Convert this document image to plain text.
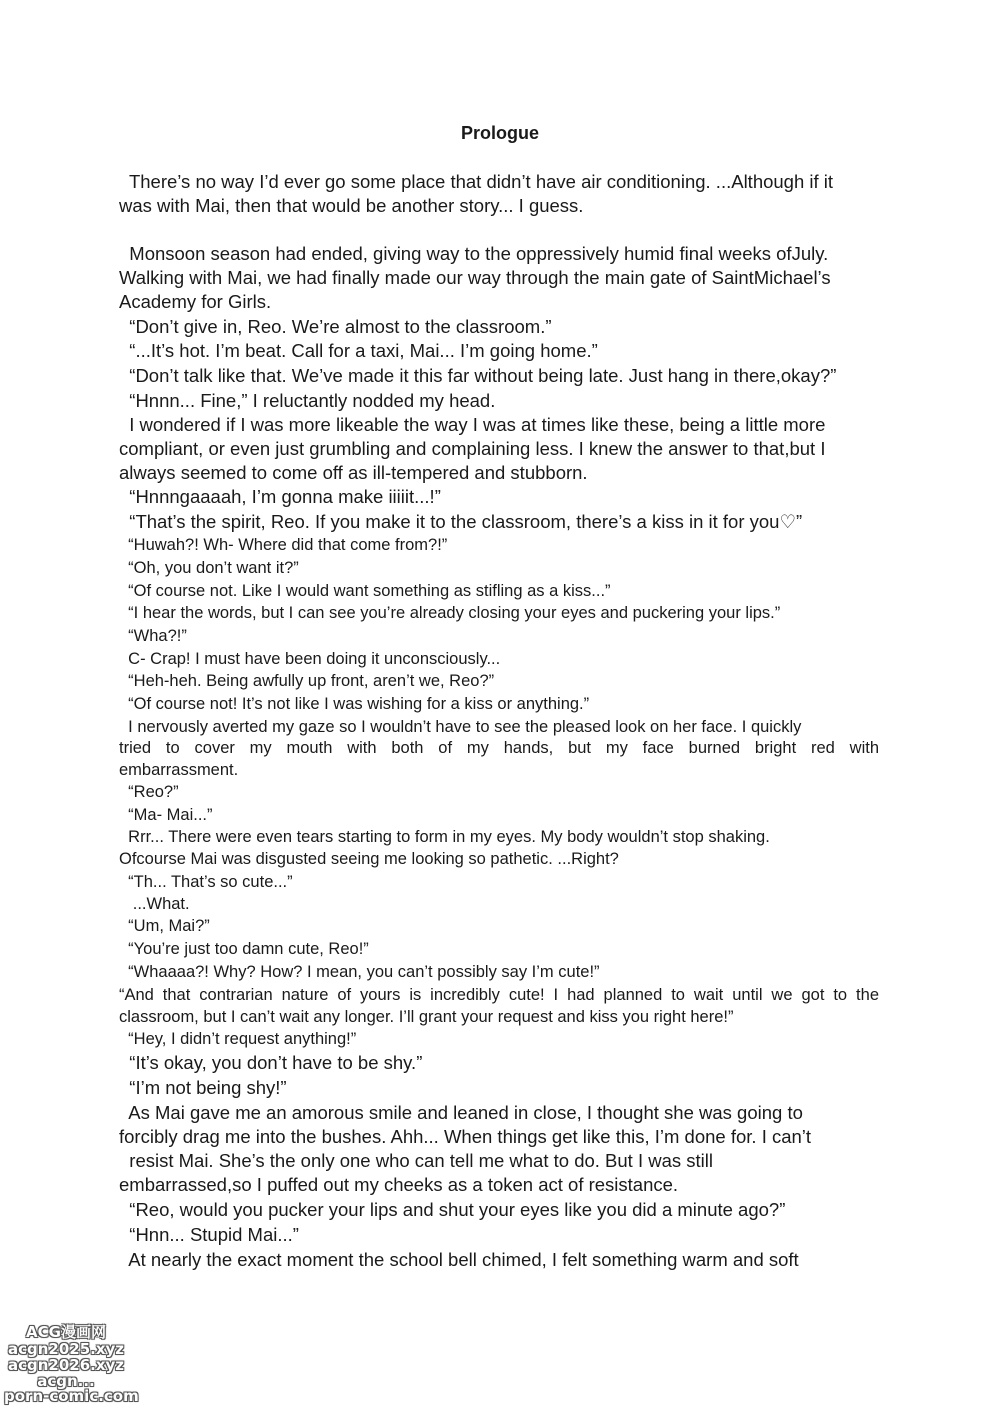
Prologue
There’s no way I’d ever go some place that didn’t have air conditioning. ...Although if it
was with Mai, then that would be another story... I guess.
Monsoon season had ended, giving way to the oppressively humid final weeks ofJuly.
Walking with Mai, we had finally made our way through the main gate of SaintMichael’s
Academy for Girls.
“Don’t give in, Reo. We’re almost to the classroom.”
“...It’s hot. I’m beat. Call for a taxi, Mai... I’m going home.”
“Don’t talk like that. We’ve made it this far without being late. Just hang in there,okay?”
“Hnnn... Fine,” I reluctantly nodded my head.
I wondered if I was more likeable the way I was at times like these, being a little more
compliant, or even just grumbling and complaining less. I knew the answer to that,but I
always seemed to come off as ill-tempered and stubborn.
“Hnnngaaaah, I’m gonna make iiiiit...!”
“That’s the spirit, Reo. If you make it to the classroom, there’s a kiss in it for you♡”
“Huwah?! Wh- Where did that come from?!”
“Oh, you don’t want it?”
“Of course not. Like I would want something as stifling as a kiss...”
“I hear the words, but I can see you’re already closing your eyes and puckering your lips.”
“Wha?!”
C- Crap! I must have been doing it unconsciously...
“Heh-heh. Being awfully up front, aren’t we, Reo?”
“Of course not! It’s not like I was wishing for a kiss or anything.”
I nervously averted my gaze so I wouldn’t have to see the pleased look on her face. I quickly
tried to cover my mouth with both of my hands, but my face burned bright red with
embarrassment.
“Reo?”
“Ma- Mai...”
Rrr... There were even tears starting to form in my eyes. My body wouldn’t stop shaking.
Ofcourse Mai was disgusted seeing me looking so pathetic. ...Right?
“Th... That’s so cute...”
...What.
“Um, Mai?”
“You’re just too damn cute, Reo!”
“Whaaaa?! Why? How? I mean, you can’t possibly say I’m cute!”
“And that contrarian nature of yours is incredibly cute! I had planned to wait until we got to the
classroom, but I can’t wait any longer. I’ll grant your request and kiss you right here!”
“Hey, I didn’t request anything!”
“It’s okay, you don’t have to be shy.”
“I’m not being shy!”
As Mai gave me an amorous smile and leaned in close, I thought she was going to
forcibly drag me into the bushes. Ahh... When things get like this, I’m done for. I can’t
resist Mai. She’s the only one who can tell me what to do. But I was still
embarrassed,so I puffed out my cheeks as a token act of resistance.
“Reo, would you pucker your lips and shut your eyes like you did a minute ago?”
“Hnn... Stupid Mai...”
At nearly the exact moment the school bell chimed, I felt something warm and soft
ACG漫画网
acgn2025.xyz
acgn2026.xyz
acgn...
porn-comic.com
